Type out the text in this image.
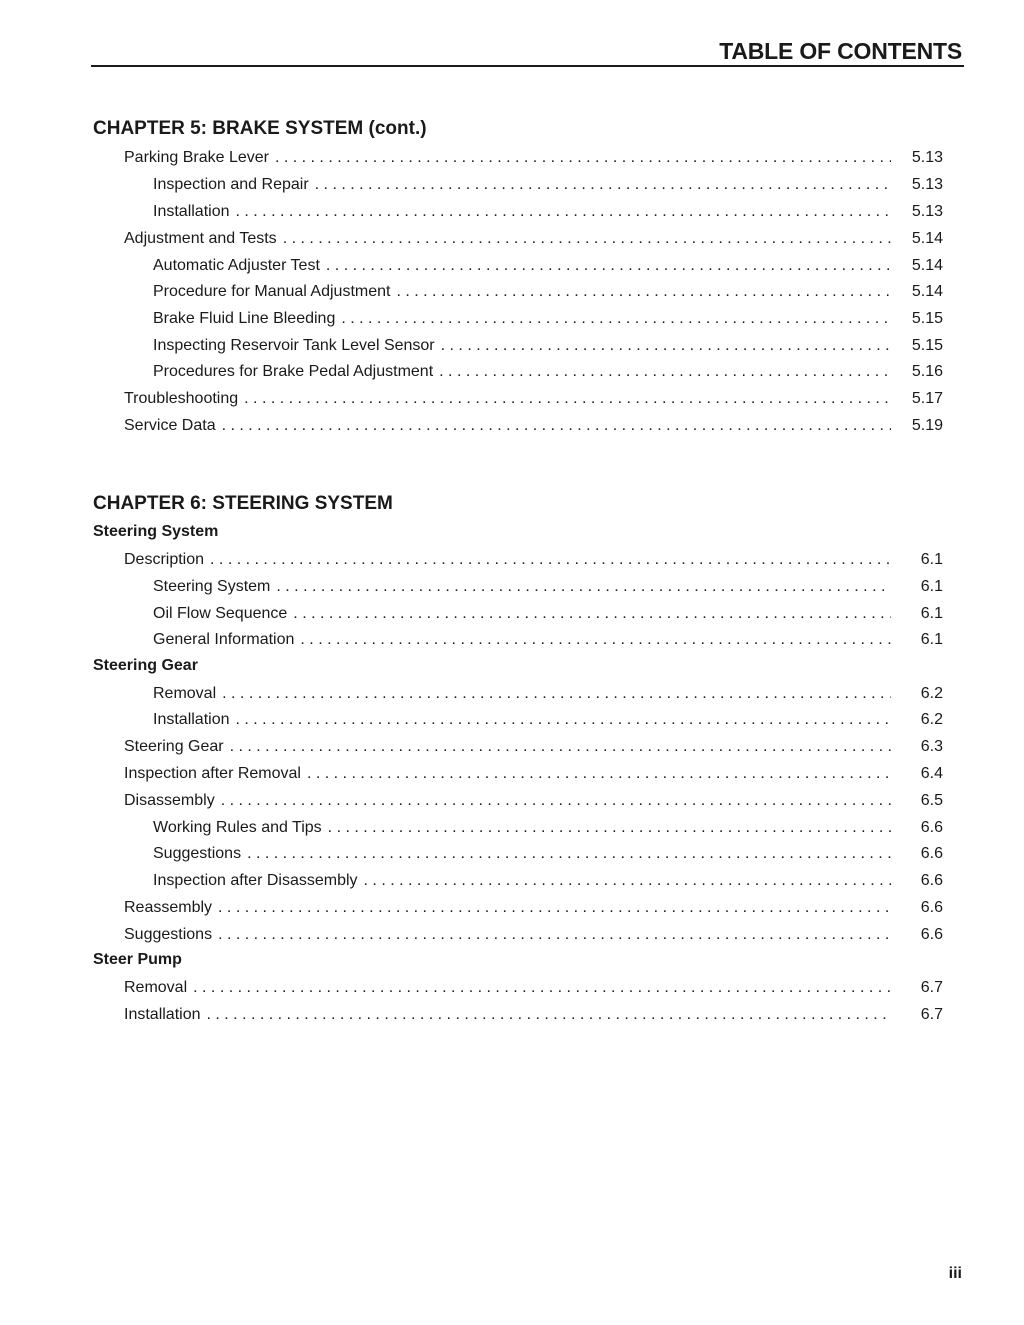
TABLE OF CONTENTS
CHAPTER 5: BRAKE SYSTEM (cont.)
Parking Brake Lever . . .	5.13
Inspection and Repair . . .	5.13
Installation . . .	5.13
Adjustment and Tests . . .	5.14
Automatic Adjuster Test . . .	5.14
Procedure for Manual Adjustment . . .	5.14
Brake Fluid Line Bleeding . . .	5.15
Inspecting Reservoir Tank Level Sensor . . .	5.15
Procedures for Brake Pedal Adjustment . . .	5.16
Troubleshooting . . .	5.17
Service Data . . .	5.19
CHAPTER 6: STEERING SYSTEM
Steering System
Description . . .	6.1
Steering System . . .	6.1
Oil Flow Sequence . . .	6.1
General Information . . .	6.1
Steering Gear
Removal . . .	6.2
Installation . . .	6.2
Steering Gear . . .	6.3
Inspection after Removal . . .	6.4
Disassembly . . .	6.5
Working Rules and Tips . . .	6.6
Suggestions . . .	6.6
Inspection after Disassembly . . .	6.6
Reassembly . . .	6.6
Suggestions . . .	6.6
Steer Pump
Removal . . .	6.7
Installation . . .	6.7

iii
